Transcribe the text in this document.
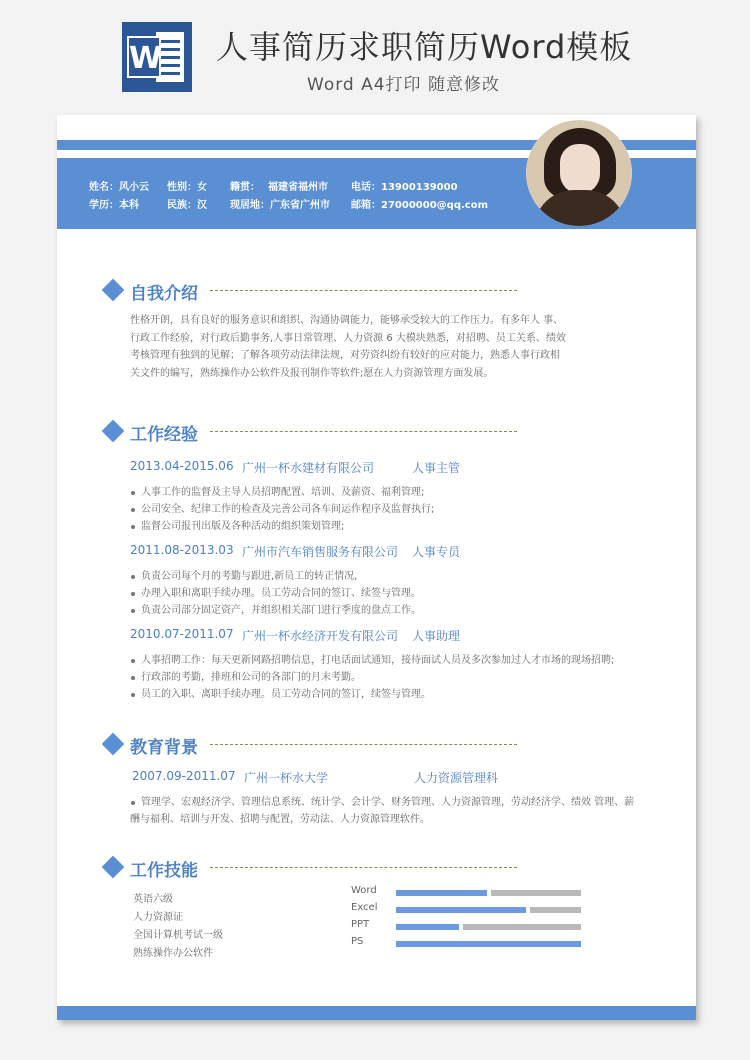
W 人事简历求职简历Word模板
Word A4打印 随意修改
姓名：风小云 性别：女 籍贯： 福建省福州市 电话：13900139000
学历：本科	民族：汉 现居地：广东省广州市 邮箱：27000000@qq.com
自我介绍
性格开朗，具有良好的服务意识和组织、沟通协调能力，能够承受较大的工作压力。有多年人 事、
行政工作经验，对行政后勤事务,人事日常管理、人力资源 6 大模块熟悉，对招聘、员工关系、绩效
考核管理有独到的见解；了解各项劳动法律法规，对劳资纠纷有较好的应对能力，熟悉人事行政相
关文件的编写，熟练操作办公软件及报刊制作等软件;愿在人力资源管理方面发展。
工作经验
2013.04-2015.06 广州一杯水建材有限公司	人事主管
人事工作的监督及主导人员招聘配置、培训、及薪资、福利管理;
公司安全、纪律工作的检查及完善公司各车间运作程序及监督执行;
监督公司报刊出版及各种活动的组织策划管理;
2011.08-2013.03 广州市汽车销售服务有限公司 人事专员
负责公司每个月的考勤与跟进,新员工的转正情况,
办理入职和离职手续办理。员工劳动合同的签订、续签与管理。
负责公司部分固定资产，并组织相关部门进行季度的盘点工作。
2010.07-2011.07 广州一杯水经济开发有限公司 人事助理
人事招聘工作：每天更新网路招聘信息，打电话面试通知，接待面试人员及多次参加过人才市场的现场招聘;
行政部的考勤，排班和公司的各部门的月末考勤。
员工的入职、离职手续办理。员工劳动合同的签订，续签与管理。
教育背景
2007.09-2011.07 广州一杯水大学	人力资源管理科
管理学、宏观经济学、管理信息系统、统计学、会计学、财务管理、人力资源管理，劳动经济学、绩效 管理、薪
酬与福利、培训与开发、招聘与配置，劳动法、人力资源管理软件。
工作技能
英语六级
人力资源证
全国计算机考试一级
熟练操作办公软件
Word
Excel
PPT
PS
